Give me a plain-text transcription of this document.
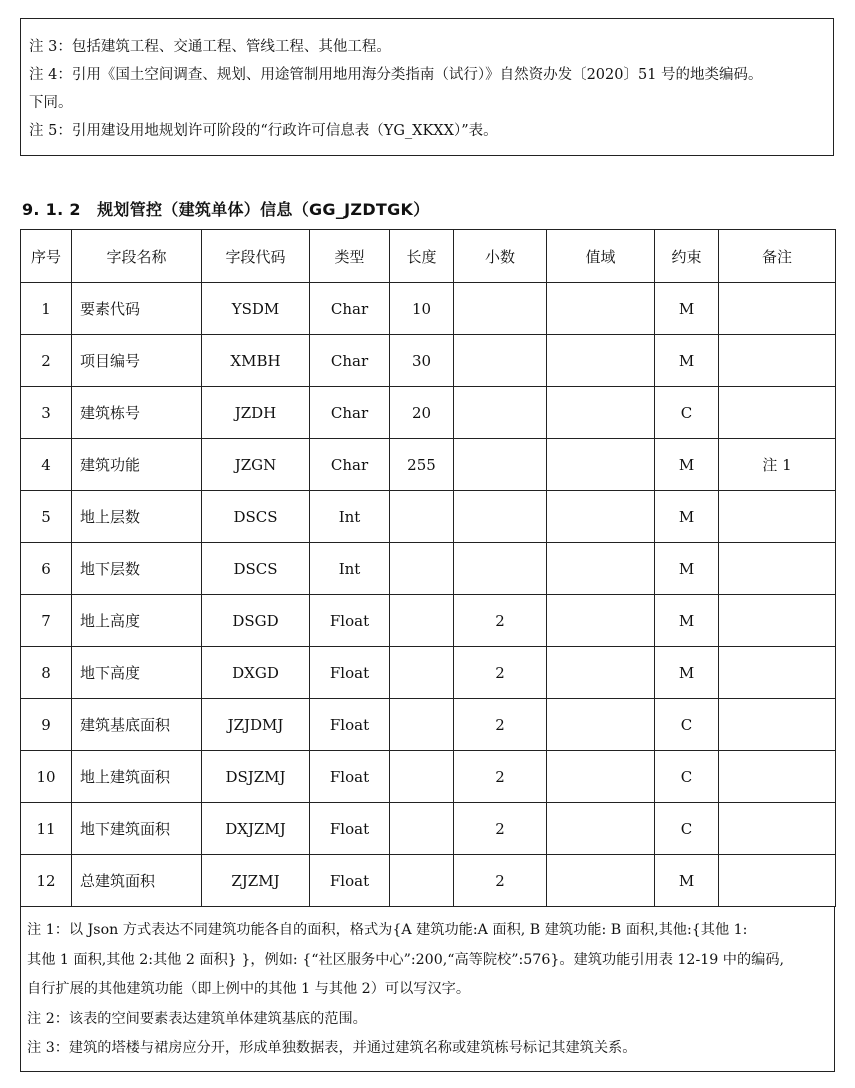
注 3：包括建筑工程、交通工程、管线工程、其他工程。
注 4：引用《国土空间调查、规划、用途管制用地用海分类指南（试行）》自然资办发〔2020〕51 号的地类编码。
下同。
注 5：引用建设用地规划许可阶段的“行政许可信息表（YG_XKXX）”表。
9. 1. 2　规划管控（建筑单体）信息（GG_JZDTGK）
序号	字段名称	字段代码	类型	长度	小数	值域	约束	备注
1	要素代码	YSDM	Char	10			M	
2	项目编号	XMBH	Char	30			M	
3	建筑栋号	JZDH	Char	20			C	
4	建筑功能	JZGN	Char	255			M	注 1
5	地上层数	DSCS	Int				M	
6	地下层数	DSCS	Int				M	
7	地上高度	DSGD	Float		2		M	
8	地下高度	DXGD	Float		2		M	
9	建筑基底面积	JZJDMJ	Float		2		C	
10	地上建筑面积	DSJZMJ	Float		2		C	
11	地下建筑面积	DXJZMJ	Float		2		C	
12	总建筑面积	ZJZMJ	Float		2		M	
注 1：以 Json 方式表达不同建筑功能各自的面积，格式为{A 建筑功能:A 面积, B 建筑功能: B 面积,其他:{其他 1:
其他 1 面积,其他 2:其他 2 面积} }，例如: {“社区服务中心”:200,“高等院校”:576}。建筑功能引用表 12-19 中的编码,
自行扩展的其他建筑功能（即上例中的其他 1 与其他 2）可以写汉字。
注 2：该表的空间要素表达建筑单体建筑基底的范围。
注 3：建筑的塔楼与裙房应分开，形成单独数据表，并通过建筑名称或建筑栋号标记其建筑关系。
